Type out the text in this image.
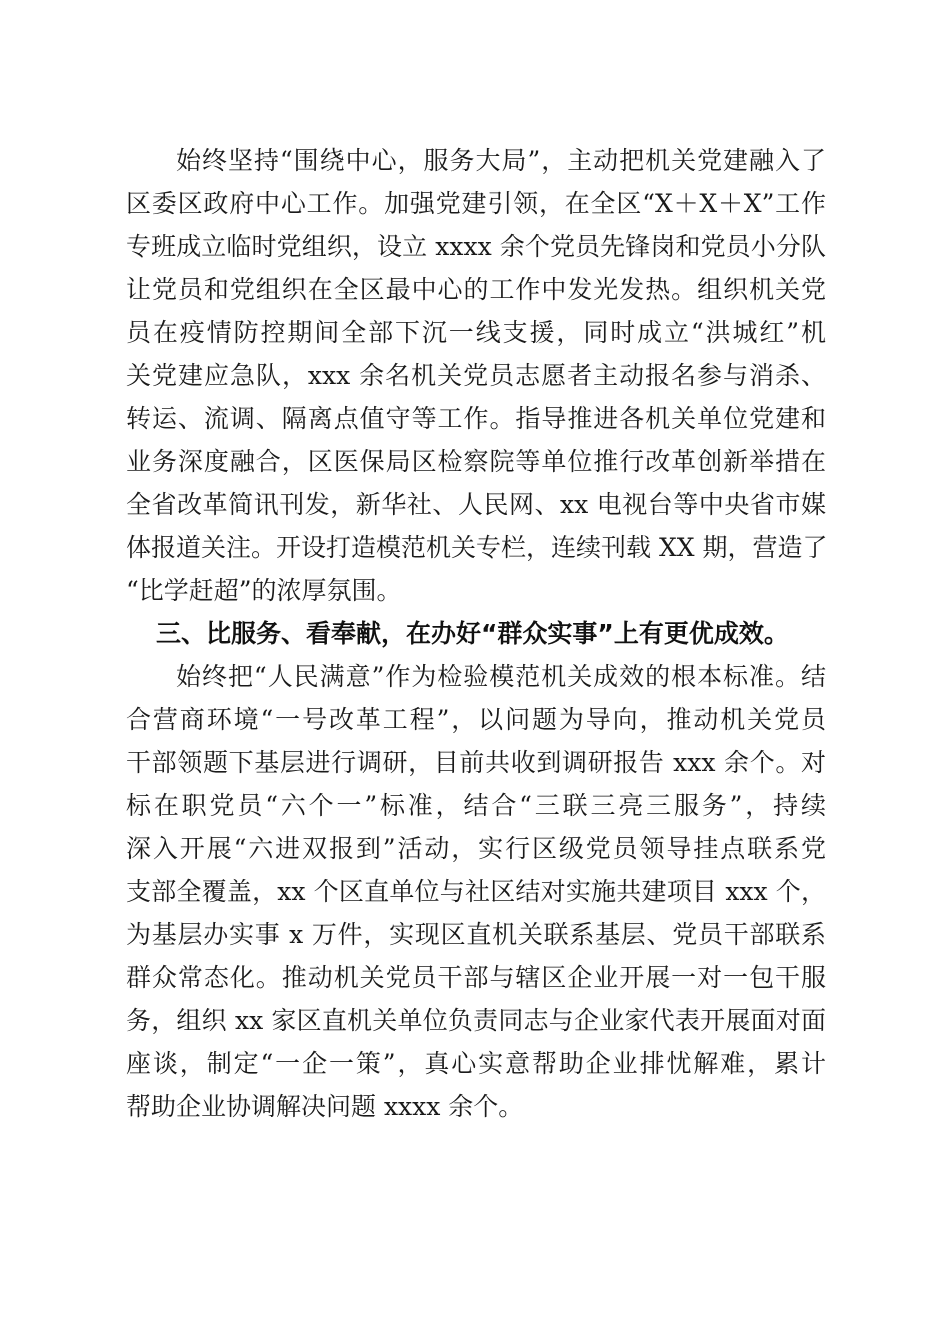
始终坚持“围绕中心，服务大局”，主动把机关党建融入了
区委区政府中心工作。加强党建引领，在全区“X＋X＋X”工作
专班成立临时党组织，设立 xxxx 余个党员先锋岗和党员小分队
让党员和党组织在全区最中心的工作中发光发热。组织机关党
员在疫情防控期间全部下沉一线支援，同时成立“洪城红”机
关党建应急队，xxx 余名机关党员志愿者主动报名参与消杀、
转运、流调、隔离点值守等工作。指导推进各机关单位党建和
业务深度融合，区医保局区检察院等单位推行改革创新举措在
全省改革简讯刊发，新华社、人民网、xx 电视台等中央省市媒
体报道关注。开设打造模范机关专栏，连续刊载 XX 期，营造了
“比学赶超”的浓厚氛围。
三、比服务、看奉献，在办好“群众实事”上有更优成效。
始终把“人民满意”作为检验模范机关成效的根本标准。结
合营商环境“一号改革工程”，以问题为导向，推动机关党员
干部领题下基层进行调研，目前共收到调研报告 xxx 余个。对
标在职党员“六个一”标准，结合“三联三亮三服务”，持续
深入开展“六进双报到”活动，实行区级党员领导挂点联系党
支部全覆盖，xx 个区直单位与社区结对实施共建项目 xxx 个，
为基层办实事 x 万件，实现区直机关联系基层、党员干部联系
群众常态化。推动机关党员干部与辖区企业开展一对一包干服
务，组织 xx 家区直机关单位负责同志与企业家代表开展面对面
座谈，制定“一企一策”，真心实意帮助企业排忧解难，累计
帮助企业协调解决问题 xxxx 余个。
